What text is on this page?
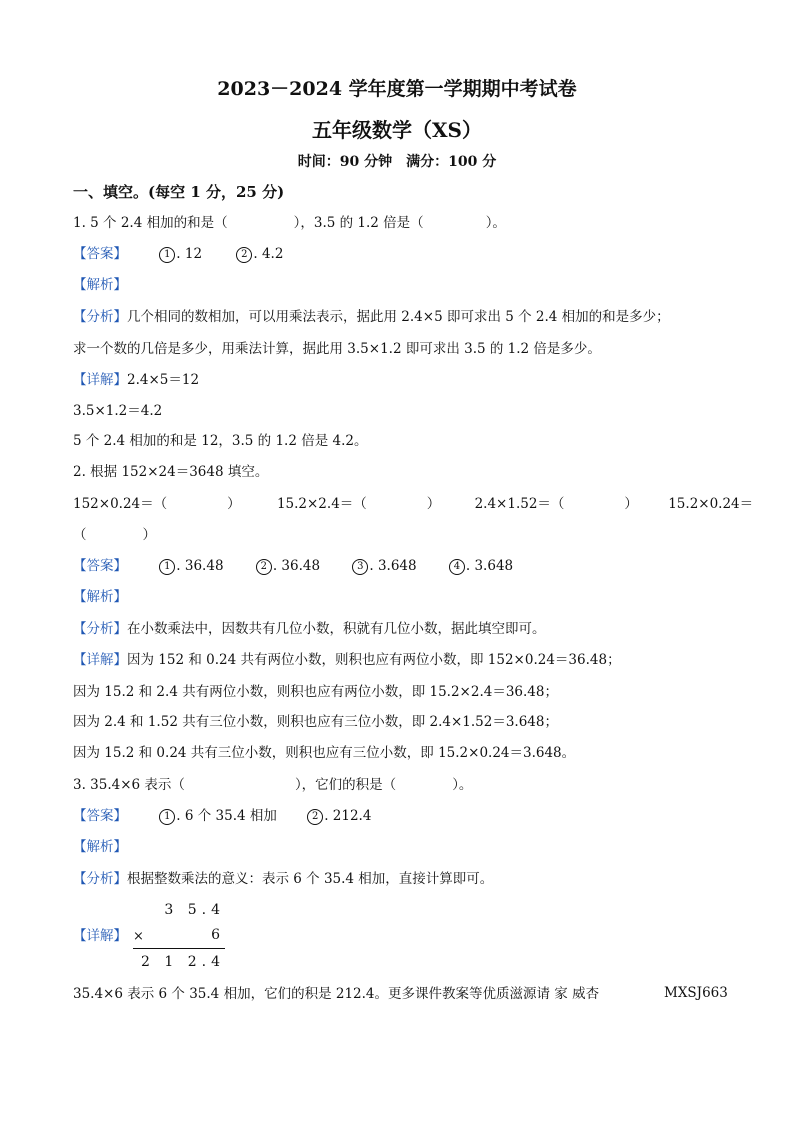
2023－2024 学年度第一学期期中考试卷
五年级数学（XS）
时间：90 分钟　满分：100 分
一、填空。(每空 1 分，25 分)
1. 5 个 2.4 相加的和是（	），3.5 的 1.2 倍是（	）。
【答案】	1 . 12	2 . 4.2
【解析】
【分析】几个相同的数相加，可以用乘法表示，据此用 2.4×5 即可求出 5 个 2.4 相加的和是多少；
求一个数的几倍是多少，用乘法计算，据此用 3.5×1.2 即可求出 3.5 的 1.2 倍是多少。
【详解】2.4×5＝12
3.5×1.2＝4.2
5 个 2.4 相加的和是 12，3.5 的 1.2 倍是 4.2。
2. 根据 152×24＝3648 填空。
152×0.24＝（	）	15.2×2.4＝（	）	2.4×1.52＝（	） 15.2×0.24＝
（	）
【答案】	1 . 36.48	2 . 36.48	3 . 3.648	4 . 3.648
【解析】
【分析】在小数乘法中，因数共有几位小数，积就有几位小数，据此填空即可。
【详解】因为 152 和 0.24 共有两位小数，则积也应有两位小数，即 152×0.24＝36.48；
因为 15.2 和 2.4 共有两位小数，则积也应有两位小数，即 15.2×2.4＝36.48；
因为 2.4 和 1.52 共有三位小数，则积也应有三位小数，即 2.4×1.52＝3.648；
因为 15.2 和 0.24 共有三位小数，则积也应有三位小数，即 15.2×0.24＝3.648。
3. 35.4×6 表示（	），它们的积是（	）。
【答案】	1 . 6 个 35.4 相加	2 . 212.4
【解析】
【分析】根据整数乘法的意义：表示 6 个 35.4 相加，直接计算即可。
【详解】
3 5.4
×	6
2 1 2.4
35.4×6 表示 6 个 35.4 相加，它们的积是 212.4。更多课件教案等优质滋源请 家 威杏	MXSJ663
